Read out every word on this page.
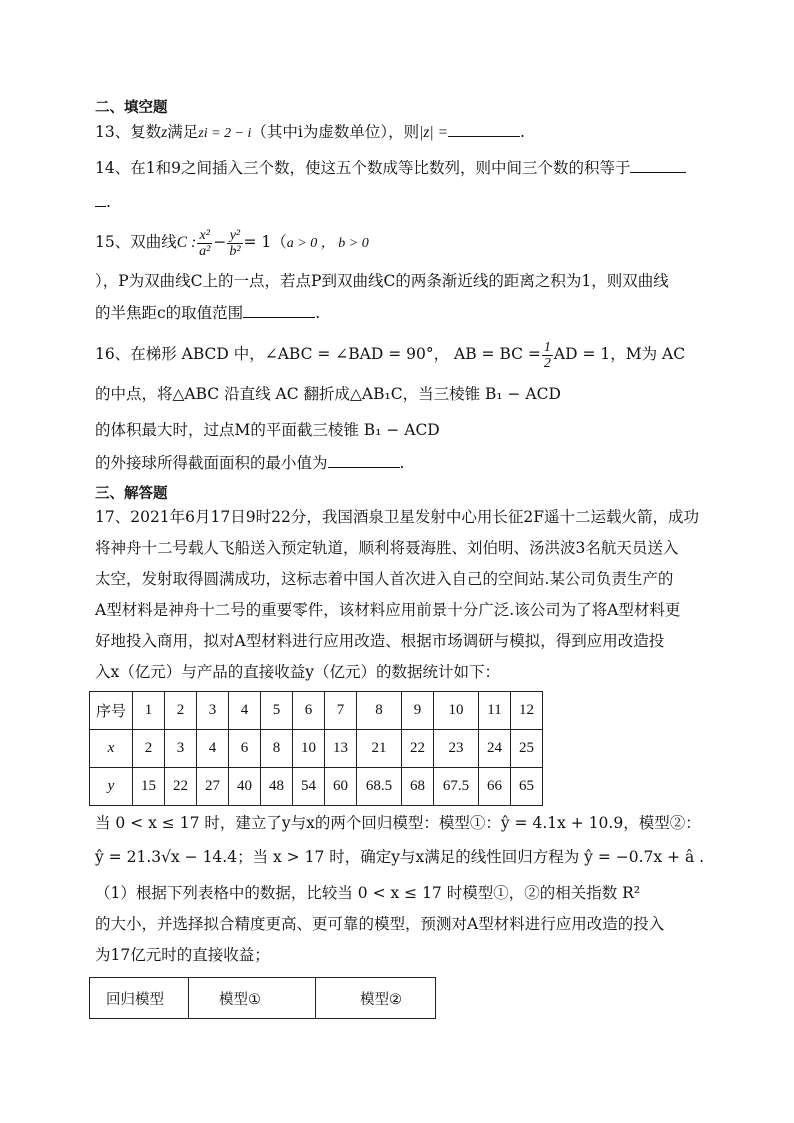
二、填空题
13、复数z满足zi = 2 − i（其中i为虚数单位），则|z| =	.
14、在1和9之间插入三个数，使这五个数成等比数列，则中间三个数的积等于
.
15、双曲线C : $\frac{\text{x²}}{\text{a²}} - \frac{\text{y²}}{\text{b²}} = 1(a > 0$ ， b > 0
），P为双曲线C上的一点，若点P到双曲线C的两条渐近线的距离之积为1，则双曲线
的半焦距c的取值范围	.
16、在梯形 ABCD 中，∠ABC = ∠BAD = 90°， AB = BC = $\frac{1}{2}$ AD = 1，M为 AC
的中点，将△ABC 沿直线 AC 翻折成△AB₁C，当三棱锥 B₁ − ACD
的体积最大时，过点M的平面截三棱锥 B₁ − ACD
的外接球所得截面面积的最小值为	.
三、解答题
17、2021年6月17日9时22分，我国酒泉卫星发射中心用长征2F遥十二运载火箭，成功
将神舟十二号载人飞船送入预定轨道，顺利将聂海胜、刘伯明、汤洪波3名航天员送入
太空，发射取得圆满成功，这标志着中国人首次进入自己的空间站.某公司负责生产的
A型材料是神舟十二号的重要零件，该材料应用前景十分广泛.该公司为了将A型材料更
好地投入商用，拟对A型材料进行应用改造、根据市场调研与模拟，得到应用改造投
入x（亿元）与产品的直接收益y（亿元）的数据统计如下：
序号	1	2	3	4	5	6	7	8	9	10	11	12
x	2	3	4	6	8	10	13	21	22	23	24	25
y	15	22	27	40	48	54	60	68.5	68	67.5	66	65
当 0 < x ≤ 17 时，建立了y与x的两个回归模型：模型①：ŷ = 4.1x + 10.9，模型②：
ŷ = 21.3√x − 14.4；当 x > 17 时，确定y与x满足的线性回归方程为 ŷ = −0.7x + â .
（1）根据下列表格中的数据，比较当 0 < x ≤ 17 时模型①，②的相关指数 R²
的大小，并选择拟合精度更高、更可靠的模型，预测对A型材料进行应用改造的投入
为17亿元时的直接收益；
回归模型	模型①	模型②
